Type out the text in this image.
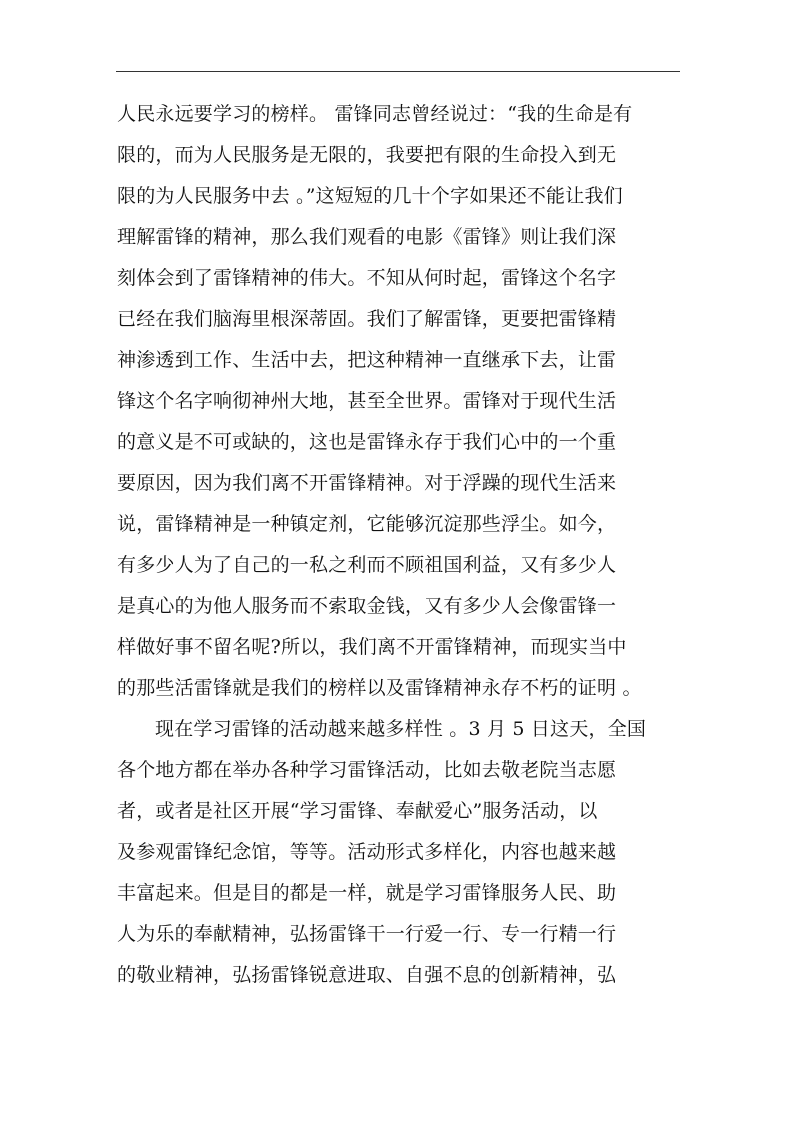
人民永远要学习的榜样。 雷锋同志曾经说过：“我的生命是有
限的，而为人民服务是无限的，我要把有限的生命投入到无
限的为人民服务中去 。”这短短的几十个字如果还不能让我们
理解雷锋的精神，那么我们观看的电影《雷锋》则让我们深
刻体会到了雷锋精神的伟大。不知从何时起，雷锋这个名字
已经在我们脑海里根深蒂固。我们了解雷锋，更要把雷锋精
神渗透到工作、生活中去，把这种精神一直继承下去，让雷
锋这个名字响彻神州大地，甚至全世界。雷锋对于现代生活
的意义是不可或缺的，这也是雷锋永存于我们心中的一个重
要原因，因为我们离不开雷锋精神。对于浮躁的现代生活来
说，雷锋精神是一种镇定剂，它能够沉淀那些浮尘。如今，
有多少人为了自己的一私之利而不顾祖国利益，又有多少人
是真心的为他人服务而不索取金钱，又有多少人会像雷锋一
样做好事不留名呢?所以，我们离不开雷锋精神，而现实当中
的那些活雷锋就是我们的榜样以及雷锋精神永存不朽的证明 。
现在学习雷锋的活动越来越多样性 。3 月 5 日这天，全国
各个地方都在举办各种学习雷锋活动，比如去敬老院当志愿
者，或者是社区开展“学习雷锋、奉献爱心”服务活动，以
及参观雷锋纪念馆，等等。活动形式多样化，内容也越来越
丰富起来。但是目的都是一样，就是学习雷锋服务人民、助
人为乐的奉献精神，弘扬雷锋干一行爱一行、专一行精一行
的敬业精神，弘扬雷锋锐意进取、自强不息的创新精神，弘
